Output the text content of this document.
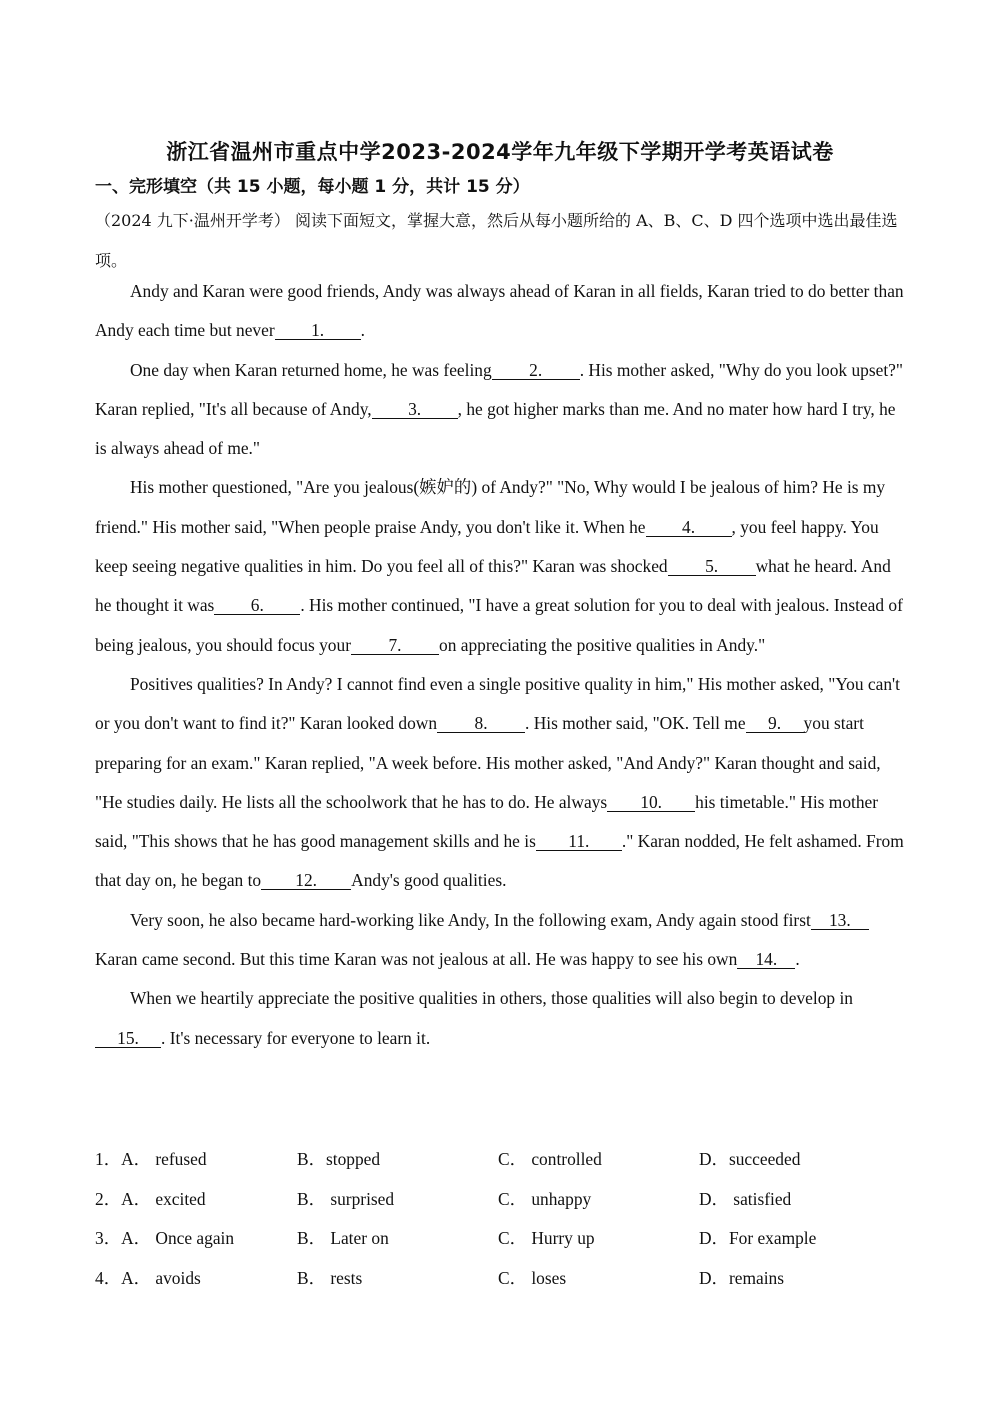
浙江省温州市重点中学2023-2024学年九年级下学期开学考英语试卷
一、完形填空（共 15 小题，每小题 1 分，共计 15 分）
（2024 九下·温州开学考） 阅读下面短文，掌握大意，然后从每小题所给的 A、B、C、D 四个选项中选出最佳选项。

Andy and Karan were good friends, Andy was always ahead of Karan in all fields, Karan tried to do better than Andy each time but never 1. .

One day when Karan returned home, he was feeling 2. . His mother asked, "Why do you look upset?" Karan replied, "It's all because of Andy, 3. , he got higher marks than me. And no mater how hard I try, he is always ahead of me."

His mother questioned, "Are you jealous(嫉妒的) of Andy?" "No, Why would I be jealous of him? He is my friend." His mother said, "When people praise Andy, you don't like it. When he 4. , you feel happy. You keep seeing negative qualities in him. Do you feel all of this?" Karan was shocked 5. what he heard. And he thought it was 6. . His mother continued, "I have a great solution for you to deal with jealous. Instead of being jealous, you should focus your 7. on appreciating the positive qualities in Andy."

Positives qualities? In Andy? I cannot find even a single positive quality in him," His mother asked, "You can't or you don't want to find it?" Karan looked down 8. . His mother said, "OK. Tell me 9. you start preparing for an exam." Karan replied, "A week before. His mother asked, "And Andy?" Karan thought and said, "He studies daily. He lists all the schoolwork that he has to do. He always 10. his timetable." His mother said, "This shows that he has good management skills and he is 11. ." Karan nodded, He felt ashamed. From that day on, he began to 12. Andy's good qualities.

Very soon, he also became hard-working like Andy, In the following exam, Andy again stood first 13.Karan came second. But this time Karan was not jealous at all. He was happy to see his own 14. .

When we heartily appreciate the positive qualities in others, those qualities will also begin to develop in15. . It's necessary for everyone to learn it.

1．A． refused	B．stopped	C． controlled	D．succeeded
2．A． excited	B． surprised	C． unhappy	D． satisfied
3．A． Once again	B． Later on	C． Hurry up	D．For example
4．A． avoids	B． rests	C． loses	D．remains
